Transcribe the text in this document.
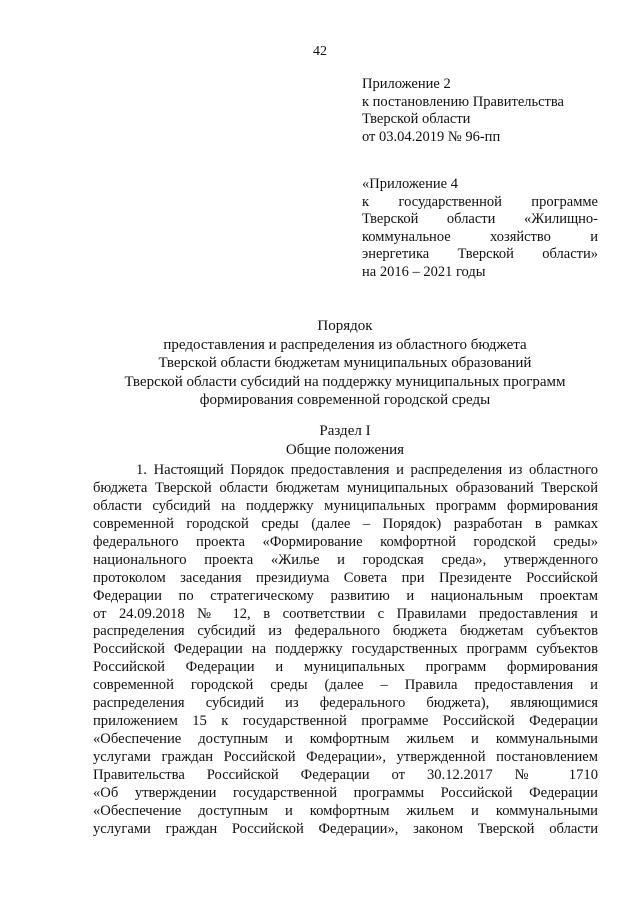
42
Приложение 2
к постановлению Правительства
Тверской области
от 03.04.2019 № 96-пп
«Приложение 4
к государственной программе
Тверской области «Жилищно-
коммунальное хозяйство и
энергетика Тверской области»
на 2016 – 2021 годы
Порядок
предоставления и распределения из областного бюджета
Тверской области бюджетам муниципальных образований
Тверской области субсидий на поддержку муниципальных программ
формирования современной городской среды
Раздел I
Общие положения
1. Настоящий Порядок предоставления и распределения из областного
бюджета Тверской области бюджетам муниципальных образований Тверской
области субсидий на поддержку муниципальных программ формирования
современной городской среды (далее – Порядок) разработан в рамках
федерального проекта «Формирование комфортной городской среды»
национального проекта «Жилье и городская среда», утвержденного
протоколом заседания президиума Совета при Президенте Российской
Федерации по стратегическому развитию и национальным проектам
от 24.09.2018 № 12, в соответствии с Правилами предоставления и
распределения субсидий из федерального бюджета бюджетам субъектов
Российской Федерации на поддержку государственных программ субъектов
Российской Федерации и муниципальных программ формирования
современной городской среды (далее – Правила предоставления и
распределения субсидий из федерального бюджета), являющимися
приложением 15 к государственной программе Российской Федерации
«Обеспечение доступным и комфортным жильем и коммунальными
услугами граждан Российской Федерации», утвержденной постановлением
Правительства Российской Федерации от 30.12.2017 № 1710
«Об утверждении государственной программы Российской Федерации
«Обеспечение доступным и комфортным жильем и коммунальными
услугами граждан Российской Федерации», законом Тверской области
